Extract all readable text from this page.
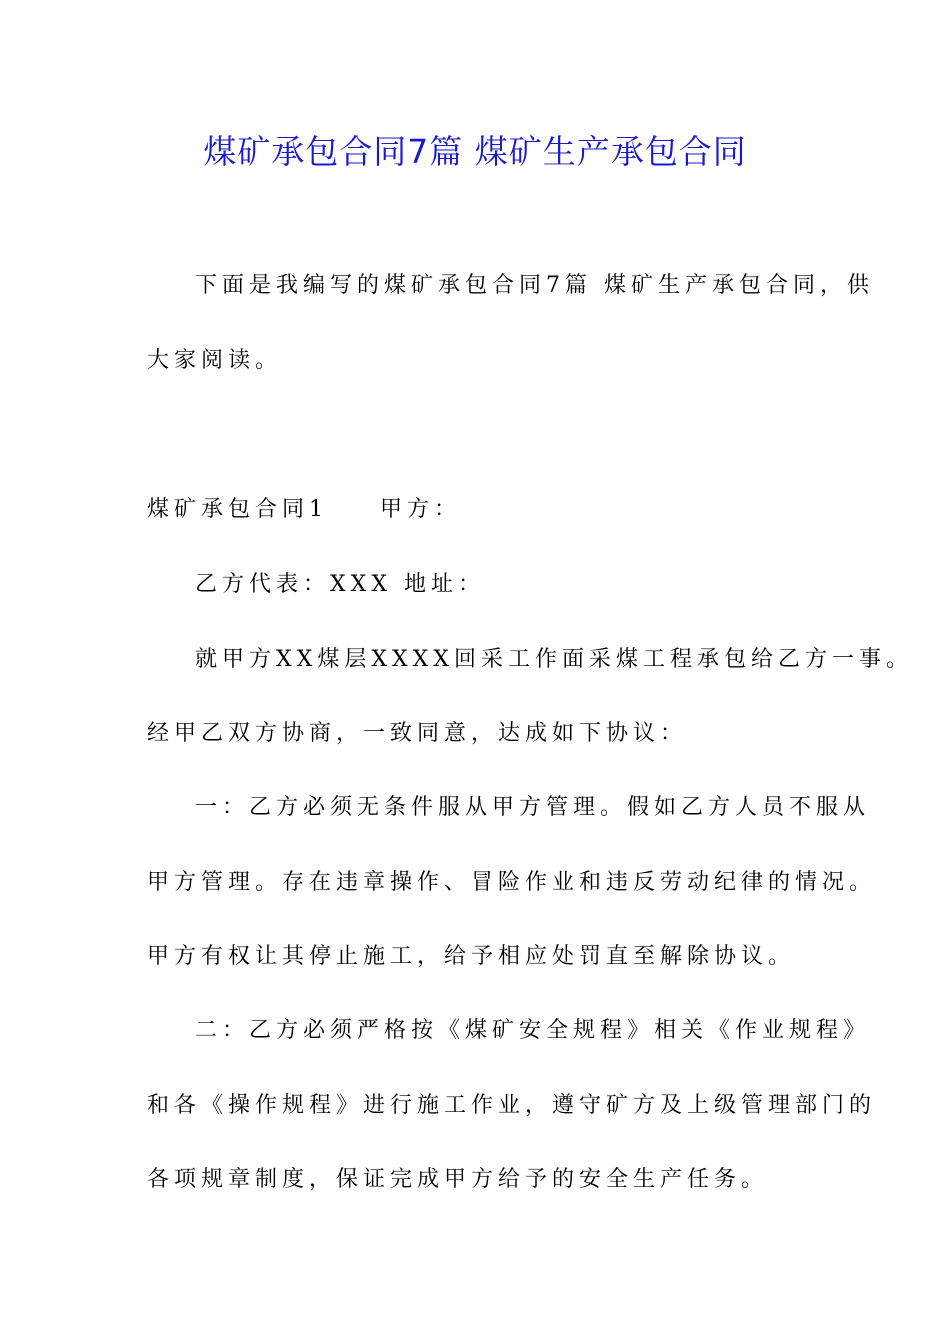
煤矿承包合同7篇 煤矿生产承包合同
下面是我编写的煤矿承包合同7篇 煤矿生产承包合同，供
大家阅读。
煤矿承包合同1 甲方：
乙方代表：XXX 地址：
就甲方XX煤层XXXX回采工作面采煤工程承包给乙方一事。
经甲乙双方协商，一致同意，达成如下协议：
一：乙方必须无条件服从甲方管理。假如乙方人员不服从
甲方管理。存在违章操作、冒险作业和违反劳动纪律的情况。
甲方有权让其停止施工，给予相应处罚直至解除协议。
二：乙方必须严格按《煤矿安全规程》相关《作业规程》
和各《操作规程》进行施工作业，遵守矿方及上级管理部门的
各项规章制度，保证完成甲方给予的安全生产任务。
